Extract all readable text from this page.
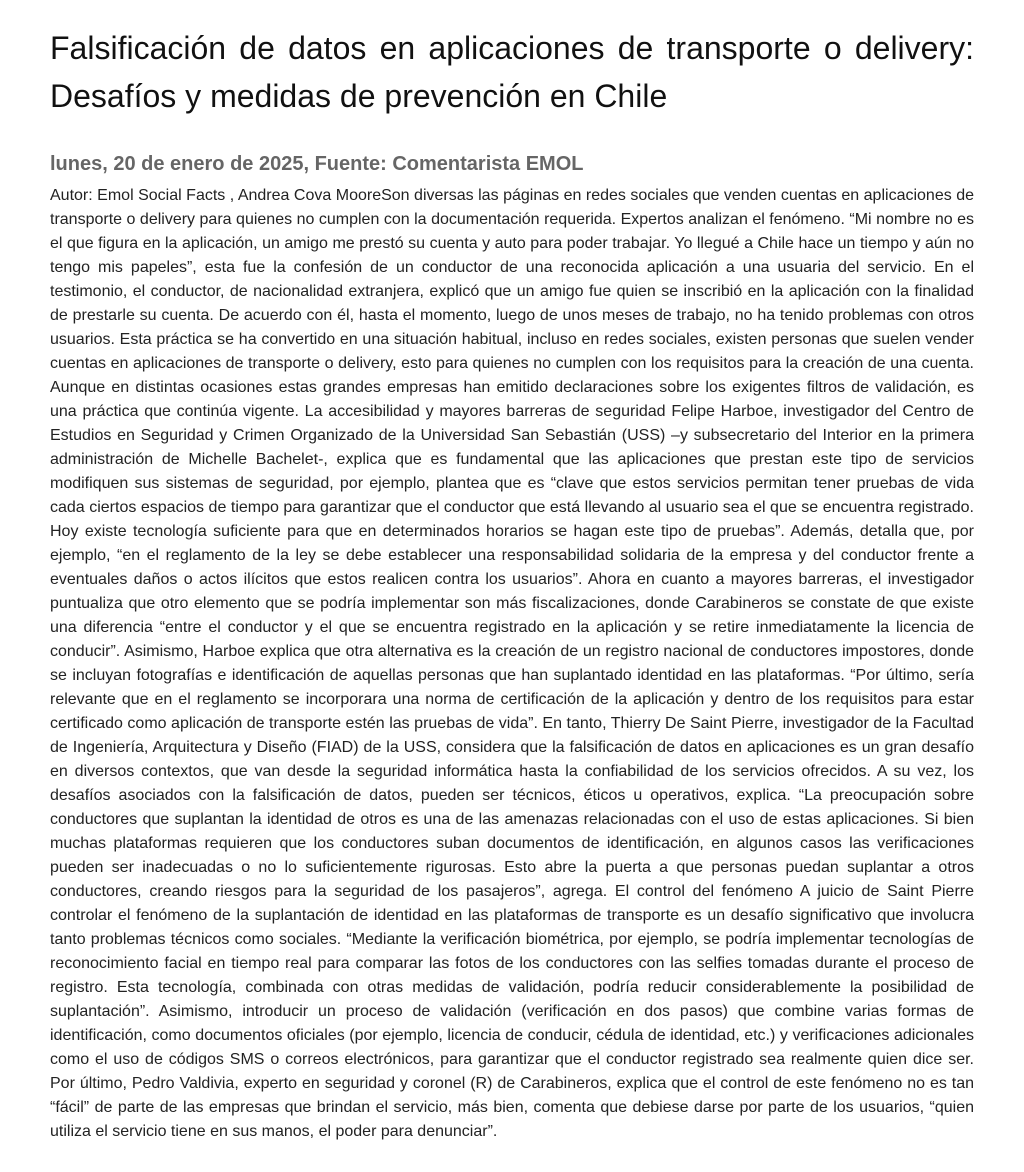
Falsificación de datos en aplicaciones de transporte o delivery: Desafíos y medidas de prevención en Chile
lunes, 20 de enero de 2025, Fuente: Comentarista EMOL

Autor: Emol Social Facts , Andrea Cova MooreSon diversas las páginas en redes sociales que venden cuentas en aplicaciones de transporte o delivery para quienes no cumplen con la documentación requerida. Expertos analizan el fenómeno. “Mi nombre no es el que figura en la aplicación, un amigo me prestó su cuenta y auto para poder trabajar. Yo llegué a Chile hace un tiempo y aún no tengo mis papeles”, esta fue la confesión de un conductor de una reconocida aplicación a una usuaria del servicio. En el testimonio, el conductor, de nacionalidad extranjera, explicó que un amigo fue quien se inscribió en la aplicación con la finalidad de prestarle su cuenta. De acuerdo con él, hasta el momento, luego de unos meses de trabajo, no ha tenido problemas con otros usuarios. Esta práctica se ha convertido en una situación habitual, incluso en redes sociales, existen personas que suelen vender cuentas en aplicaciones de transporte o delivery, esto para quienes no cumplen con los requisitos para la creación de una cuenta. Aunque en distintas ocasiones estas grandes empresas han emitido declaraciones sobre los exigentes filtros de validación, es una práctica que continúa vigente. La accesibilidad y mayores barreras de seguridad Felipe Harboe, investigador del Centro de Estudios en Seguridad y Crimen Organizado de la Universidad San Sebastián (USS) –y subsecretario del Interior en la primera administración de Michelle Bachelet-, explica que es fundamental que las aplicaciones que prestan este tipo de servicios modifiquen sus sistemas de seguridad, por ejemplo, plantea que es “clave que estos servicios permitan tener pruebas de vida cada ciertos espacios de tiempo para garantizar que el conductor que está llevando al usuario sea el que se encuentra registrado. Hoy existe tecnología suficiente para que en determinados horarios se hagan este tipo de pruebas”. Además, detalla que, por ejemplo, “en el reglamento de la ley se debe establecer una responsabilidad solidaria de la empresa y del conductor frente a eventuales daños o actos ilícitos que estos realicen contra los usuarios”. Ahora en cuanto a mayores barreras, el investigador puntualiza que otro elemento que se podría implementar son más fiscalizaciones, donde Carabineros se constate de que existe una diferencia “entre el conductor y el que se encuentra registrado en la aplicación y se retire inmediatamente la licencia de conducir”. Asimismo, Harboe explica que otra alternativa es la creación de un registro nacional de conductores impostores, donde se incluyan fotografías e identificación de aquellas personas que han suplantado identidad en las plataformas. “Por último, sería relevante que en el reglamento se incorporara una norma de certificación de la aplicación y dentro de los requisitos para estar certificado como aplicación de transporte estén las pruebas de vida”. En tanto, Thierry De Saint Pierre, investigador de la Facultad de Ingeniería, Arquitectura y Diseño (FIAD) de la USS, considera que la falsificación de datos en aplicaciones es un gran desafío en diversos contextos, que van desde la seguridad informática hasta la confiabilidad de los servicios ofrecidos. A su vez, los desafíos asociados con la falsificación de datos, pueden ser técnicos, éticos u operativos, explica. “La preocupación sobre conductores que suplantan la identidad de otros es una de las amenazas relacionadas con el uso de estas aplicaciones. Si bien muchas plataformas requieren que los conductores suban documentos de identificación, en algunos casos las verificaciones pueden ser inadecuadas o no lo suficientemente rigurosas. Esto abre la puerta a que personas puedan suplantar a otros conductores, creando riesgos para la seguridad de los pasajeros”, agrega. El control del fenómeno A juicio de Saint Pierre controlar el fenómeno de la suplantación de identidad en las plataformas de transporte es un desafío significativo que involucra tanto problemas técnicos como sociales. “Mediante la verificación biométrica, por ejemplo, se podría implementar tecnologías de reconocimiento facial en tiempo real para comparar las fotos de los conductores con las selfies tomadas durante el proceso de registro. Esta tecnología, combinada con otras medidas de validación, podría reducir considerablemente la posibilidad de suplantación”. Asimismo, introducir un proceso de validación (verificación en dos pasos) que combine varias formas de identificación, como documentos oficiales (por ejemplo, licencia de conducir, cédula de identidad, etc.) y verificaciones adicionales como el uso de códigos SMS o correos electrónicos, para garantizar que el conductor registrado sea realmente quien dice ser. Por último, Pedro Valdivia, experto en seguridad y coronel (R) de Carabineros, explica que el control de este fenómeno no es tan “fácil” de parte de las empresas que brindan el servicio, más bien, comenta que debiese darse por parte de los usuarios, “quien utiliza el servicio tiene en sus manos, el poder para denunciar”.
